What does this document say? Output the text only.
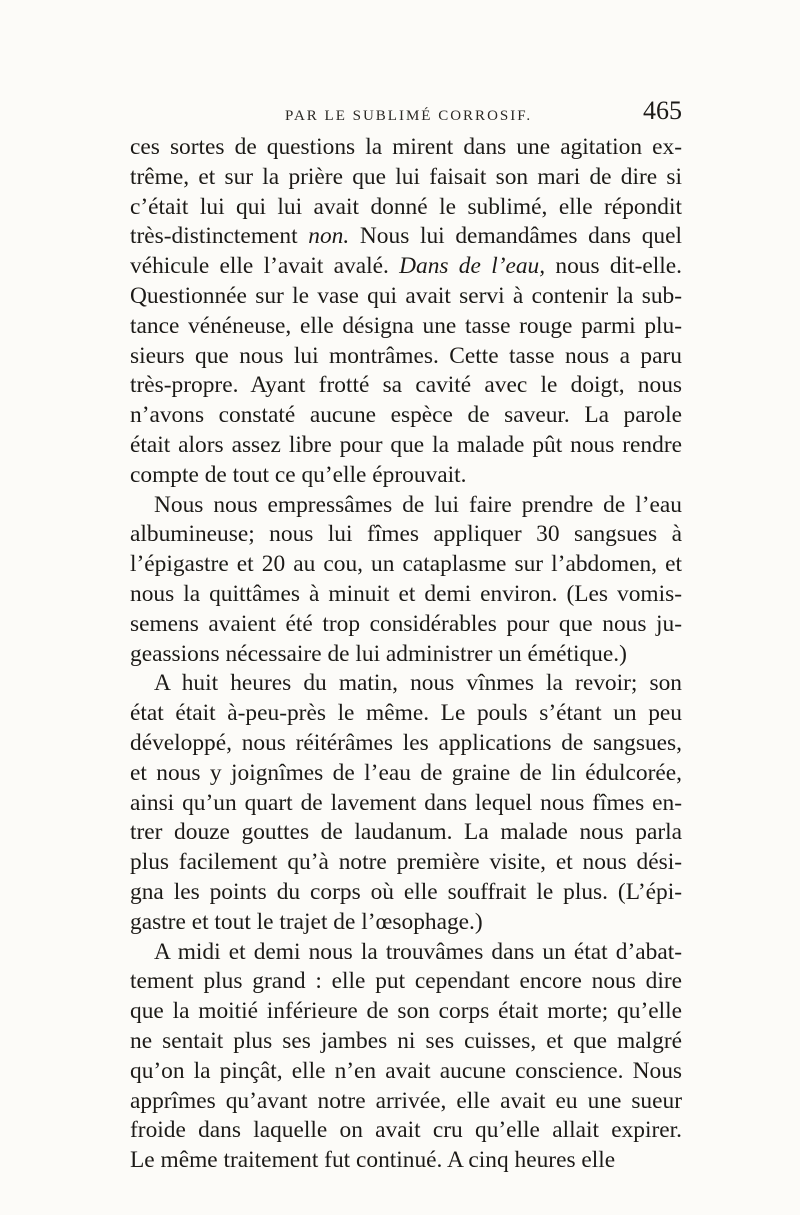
PAR LE SUBLIMÉ CORROSIF.	465
ces sortes de questions la mirent dans une agitation ex-
trême, et sur la prière que lui faisait son mari de dire si
c’était lui qui lui avait donné le sublimé, elle répondit
très-distinctement non. Nous lui demandâmes dans quel
véhicule elle l’avait avalé. Dans de l’eau, nous dit-elle.
Questionnée sur le vase qui avait servi à contenir la sub-
tance vénéneuse, elle désigna une tasse rouge parmi plu-
sieurs que nous lui montrâmes. Cette tasse nous a paru
très-propre. Ayant frotté sa cavité avec le doigt, nous
n’avons constaté aucune espèce de saveur. La parole
était alors assez libre pour que la malade pût nous rendre
compte de tout ce qu’elle éprouvait.
Nous nous empressâmes de lui faire prendre de l’eau
albumineuse; nous lui fîmes appliquer 30 sangsues à
l’épigastre et 20 au cou, un cataplasme sur l’abdomen, et
nous la quittâmes à minuit et demi environ. (Les vomis-
semens avaient été trop considérables pour que nous ju-
geassions nécessaire de lui administrer un émétique.)
A huit heures du matin, nous vînmes la revoir; son
état était à-peu-près le même. Le pouls s’étant un peu
développé, nous réitérâmes les applications de sangsues,
et nous y joignîmes de l’eau de graine de lin édulcorée,
ainsi qu’un quart de lavement dans lequel nous fîmes en-
trer douze gouttes de laudanum. La malade nous parla
plus facilement qu’à notre première visite, et nous dési-
gna les points du corps où elle souffrait le plus. (L’épi-
gastre et tout le trajet de l’œsophage.)
A midi et demi nous la trouvâmes dans un état d’abat-
tement plus grand : elle put cependant encore nous dire
que la moitié inférieure de son corps était morte; qu’elle
ne sentait plus ses jambes ni ses cuisses, et que malgré
qu’on la pinçât, elle n’en avait aucune conscience. Nous
apprîmes qu’avant notre arrivée, elle avait eu une sueur
froide dans laquelle on avait cru qu’elle allait expirer.
Le même traitement fut continué. A cinq heures elle
